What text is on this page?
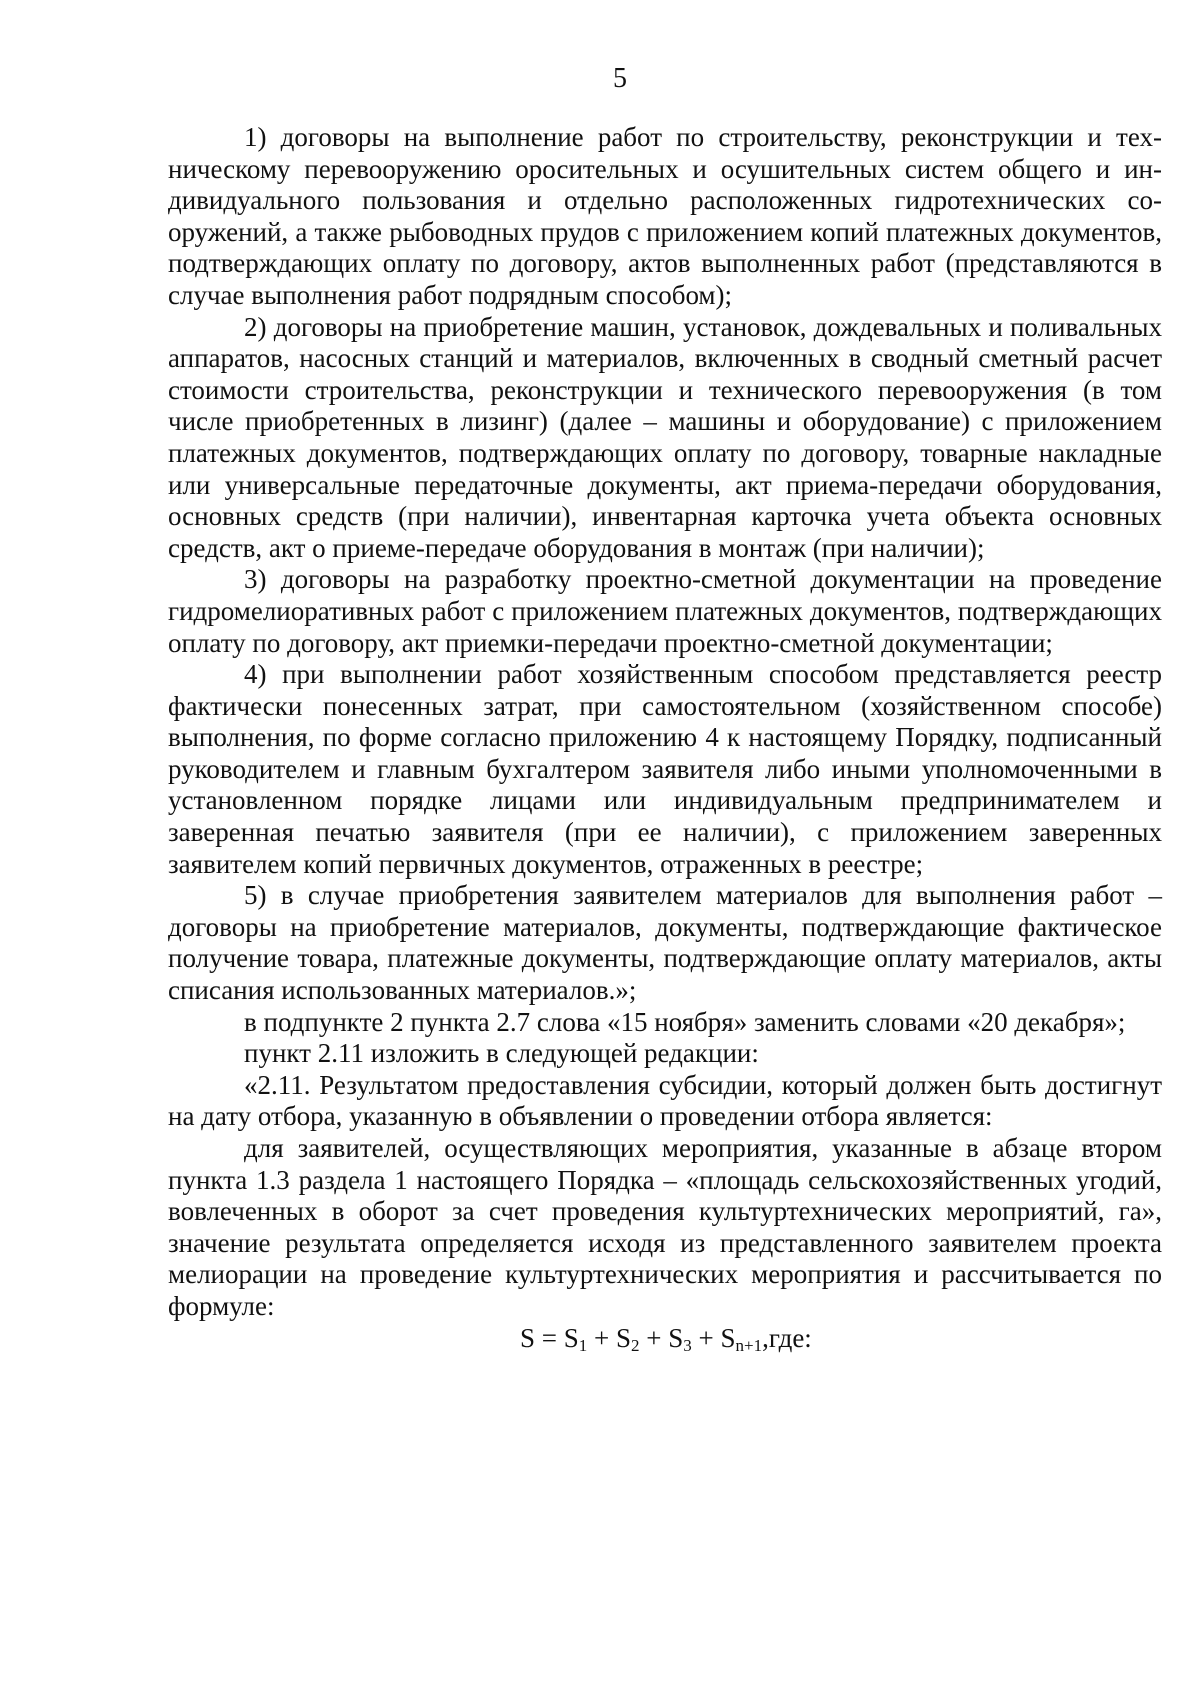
5

1) договоры на выполнение работ по строительству, реконструкции и техническому перевооружению оросительных и осушительных систем общего и индивидуального пользования и отдельно расположенных гидротехнических сооружений, а также рыбоводных прудов с приложением копий платежных документов, подтверждающих оплату по договору, актов выполненных работ (представляются в случае выполнения работ подрядным способом);

2) договоры на приобретение машин, установок, дождевальных и поливальных аппаратов, насосных станций и материалов, включенных в сводный сметный расчет стоимости строительства, реконструкции и технического перевооружения (в том числе приобретенных в лизинг) (далее – машины и оборудование) с приложением платежных документов, подтверждающих оплату по договору, товарные накладные или универсальные передаточные документы, акт приема-передачи оборудования, основных средств (при наличии), инвентарная карточка учета объекта основных средств, акт о приеме-передаче оборудования в монтаж (при наличии);

3) договоры на разработку проектно-сметной документации на проведение гидромелиоративных работ с приложением платежных документов, подтверждающих оплату по договору, акт приемки-передачи проектно-сметной документации;

4) при выполнении работ хозяйственным способом представляется реестр фактически понесенных затрат, при самостоятельном (хозяйственном способе) выполнения, по форме согласно приложению 4 к настоящему Порядку, подписанный руководителем и главным бухгалтером заявителя либо иными уполномоченными в установленном порядке лицами или индивидуальным предпринимателем и заверенная печатью заявителя (при ее наличии), с приложением заверенных заявителем копий первичных документов, отраженных в реестре;

5) в случае приобретения заявителем материалов для выполнения работ – договоры на приобретение материалов, документы, подтверждающие фактическое получение товара, платежные документы, подтверждающие оплату материалов, акты списания использованных материалов.»;

в подпункте 2 пункта 2.7 слова «15 ноября» заменить словами «20 декабря»;

пункт 2.11 изложить в следующей редакции:

«2.11. Результатом предоставления субсидии, который должен быть достигнут на дату отбора, указанную в объявлении о проведении отбора является:

для заявителей, осуществляющих мероприятия, указанные в абзаце втором пункта 1.3 раздела 1 настоящего Порядка – «площадь сельскохозяйственных угодий, вовлеченных в оборот за счет проведения культуртехнических мероприятий, га», значение результата определяется исходя из представленного заявителем проекта мелиорации на проведение культуртехнических мероприятия и рассчитывается по формуле:

$S = S_1 + S_2 + S_3 + S_{n+1},где$:
